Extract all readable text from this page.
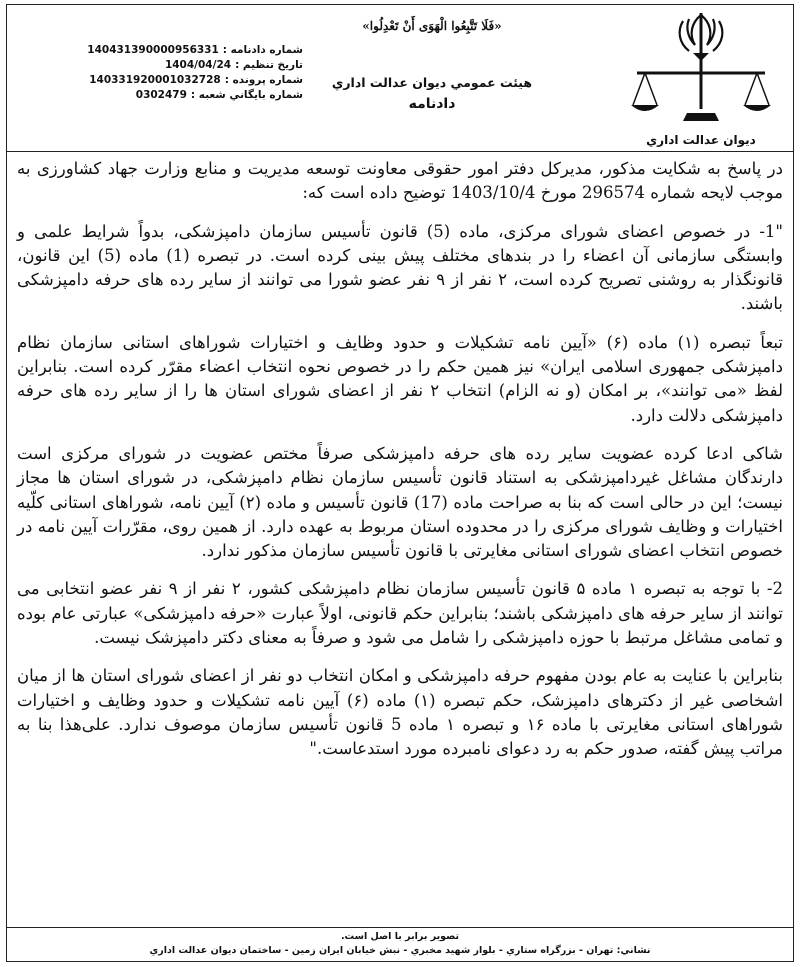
ديوان عدالت اداري
«فَلَا تَتَّبِعُوا الْهَوَى أَنْ تَعْدِلُوا»
هيئت عمومي ديوان عدالت اداري
دادنامه
شماره دادنامه :
140431390000956331
تاريخ تنظيم :
1404/04/24
شماره پرونده :
140331920001032728
شماره بايگاني شعبه :
0302479

در پاسخ به شکایت مذکور، مدیرکل دفتر امور حقوقی معاونت توسعه مدیریت و منابع وزارت جهاد کشاورزی به موجب لایحه شماره 296574 مورخ 1403/10/4 توضیح داده است که:

"1- در خصوص اعضای شورای مرکزی، ماده (5) قانون تأسیس سازمان دامپزشکی، بدواً شرایط علمی و وابستگی سازمانی آن اعضاء را در بندهای مختلف پیش بینی کرده است. در تبصره (1) ماده (5) این قانون، قانونگذار به روشنی تصریح کرده است، ۲ نفر از ۹ نفر عضو شورا می توانند از سایر رده های حرفه دامپزشکی باشند.

تبعاً تبصره (۱) ماده (۶) «آیین نامه تشکیلات و حدود وظایف و اختیارات شوراهای استانی سازمان نظام دامپزشکی جمهوری اسلامی ایران» نیز همین حکم را در خصوص نحوه انتخاب اعضاء مقرّر کرده است. بنابراین لفظ «می توانند»، بر امکان (و نه الزام) انتخاب ۲ نفر از اعضای شورای استان ها را از سایر رده های حرفه دامپزشکی دلالت دارد.

شاکی ادعا کرده عضویت سایر رده های حرفه دامپزشکی صرفاً مختص عضویت در شورای مرکزی است دارندگان مشاغل غیردامپزشکی به استناد قانون تأسیس سازمان نظام دامپزشکی، در شورای استان ها مجاز نیست؛ این در حالی است که بنا به صراحت ماده (17) قانون تأسیس و ماده (۲) آیین نامه، شوراهای استانی کلّیه اختیارات و وظایف شورای مرکزی را در محدوده استان مربوط به عهده دارد. از همین روی، مقرّرات آیین نامه در خصوص انتخاب اعضای شورای استانی مغایرتی با قانون تأسیس سازمان مذکور ندارد.

2- با توجه به تبصره ۱ ماده ۵ قانون تأسیس سازمان نظام دامپزشکی کشور، ۲ نفر از ۹ نفر عضو انتخابی می توانند از سایر حرفه های دامپزشکی باشند؛ بنابراین حکم قانونی، اولاً عبارت «حرفه دامپزشکی» عبارتی عام بوده و تمامی مشاغل مرتبط با حوزه دامپزشکی را شامل می شود و صرفاً به معنای دکتر دامپزشک نیست.

بنابراین با عنایت به عام بودن مفهوم حرفه دامپزشکی و امکان انتخاب دو نفر از اعضای شورای استان ها از میان اشخاصی غیر از دکترهای دامپزشک، حکم تبصره (۱) ماده (۶) آیین نامه تشکیلات و حدود وظایف و اختیارات شوراهای استانی مغایرتی با ماده ۱۶ و تبصره ۱ ماده 5 قانون تأسیس سازمان موصوف ندارد. علی‌هذا بنا به مراتب پیش گفته، صدور حکم به رد دعوای نامبرده مورد استدعاست."

تصوير برابر با اصل است.
نشاني: تهران - بزرگراه ستاري - بلوار شهيد مخبري - نبش خيابان ايران زمين - ساختمان ديوان عدالت اداري
